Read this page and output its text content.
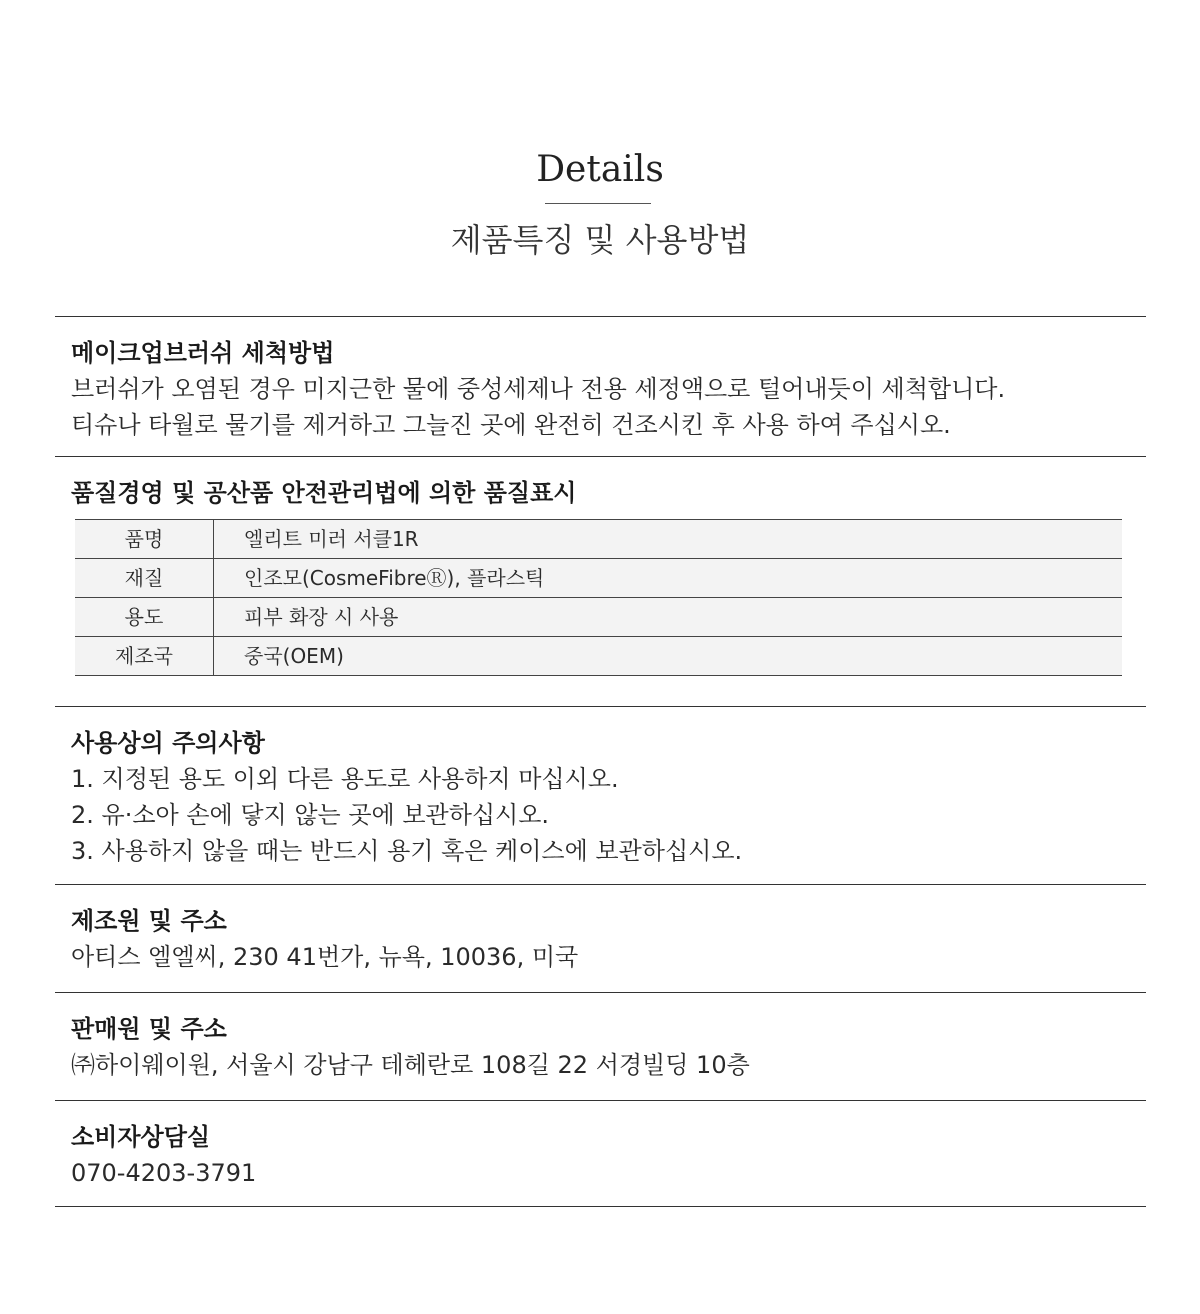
Details
제품특징 및 사용방법
메이크업브러쉬 세척방법
브러쉬가 오염된 경우 미지근한 물에 중성세제나 전용 세정액으로 털어내듯이 세척합니다.
티슈나 타월로 물기를 제거하고 그늘진 곳에 완전히 건조시킨 후 사용 하여 주십시오.
품질경영 및 공산품 안전관리법에 의한 품질표시
품명	엘리트 미러 서클1R
재질	인조모(CosmeFibreⓇ), 플라스틱
용도	피부 화장 시 사용
제조국	중국(OEM)
사용상의 주의사항
1. 지정된 용도 이외 다른 용도로 사용하지 마십시오.
2. 유·소아 손에 닿지 않는 곳에 보관하십시오.
3. 사용하지 않을 때는 반드시 용기 혹은 케이스에 보관하십시오.
제조원 및 주소
아티스 엘엘씨, 230 41번가, 뉴욕, 10036, 미국
판매원 및 주소
㈜하이웨이원, 서울시 강남구 테헤란로 108길 22 서경빌딩 10층
소비자상담실
070-4203-3791
